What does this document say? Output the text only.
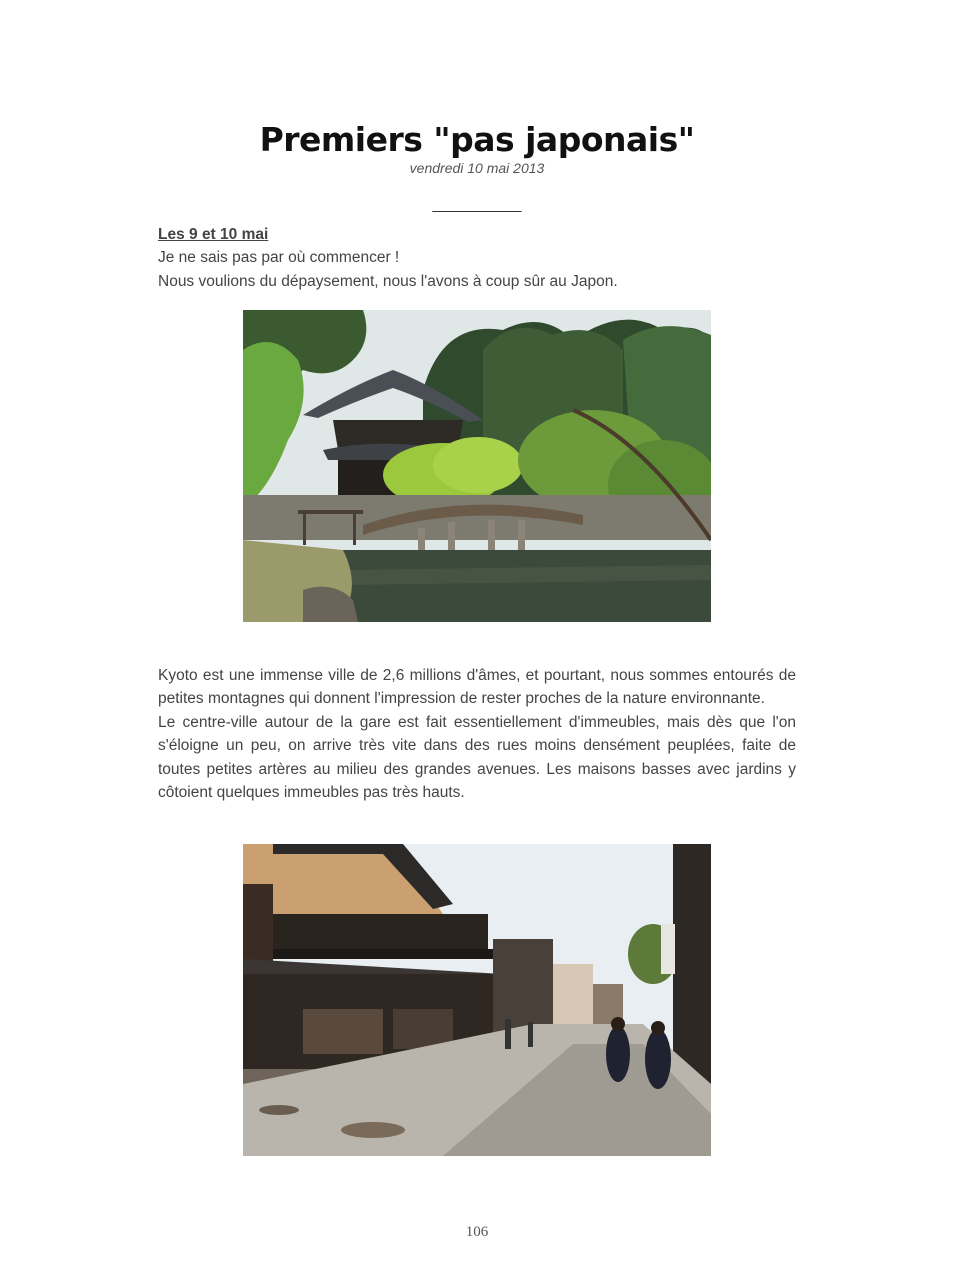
Premiers "pas japonais"
vendredi 10 mai 2013
__________
Les 9 et 10 mai
Je ne sais pas par où commencer !
Nous voulions du dépaysement, nous l'avons à coup sûr au Japon.

Kyoto est une immense ville de 2,6 millions d'âmes, et pourtant, nous sommes entourés de petites montagnes qui donnent l'impression de rester proches de la nature environnante.

Le centre-ville autour de la gare est fait essentiellement d'immeubles, mais dès que l'on s'éloigne un peu, on arrive très vite dans des rues moins densément peuplées, faite de toutes petites artères au milieu des grandes avenues. Les maisons basses avec jardins y côtoient quelques immeubles pas très hauts.

106
